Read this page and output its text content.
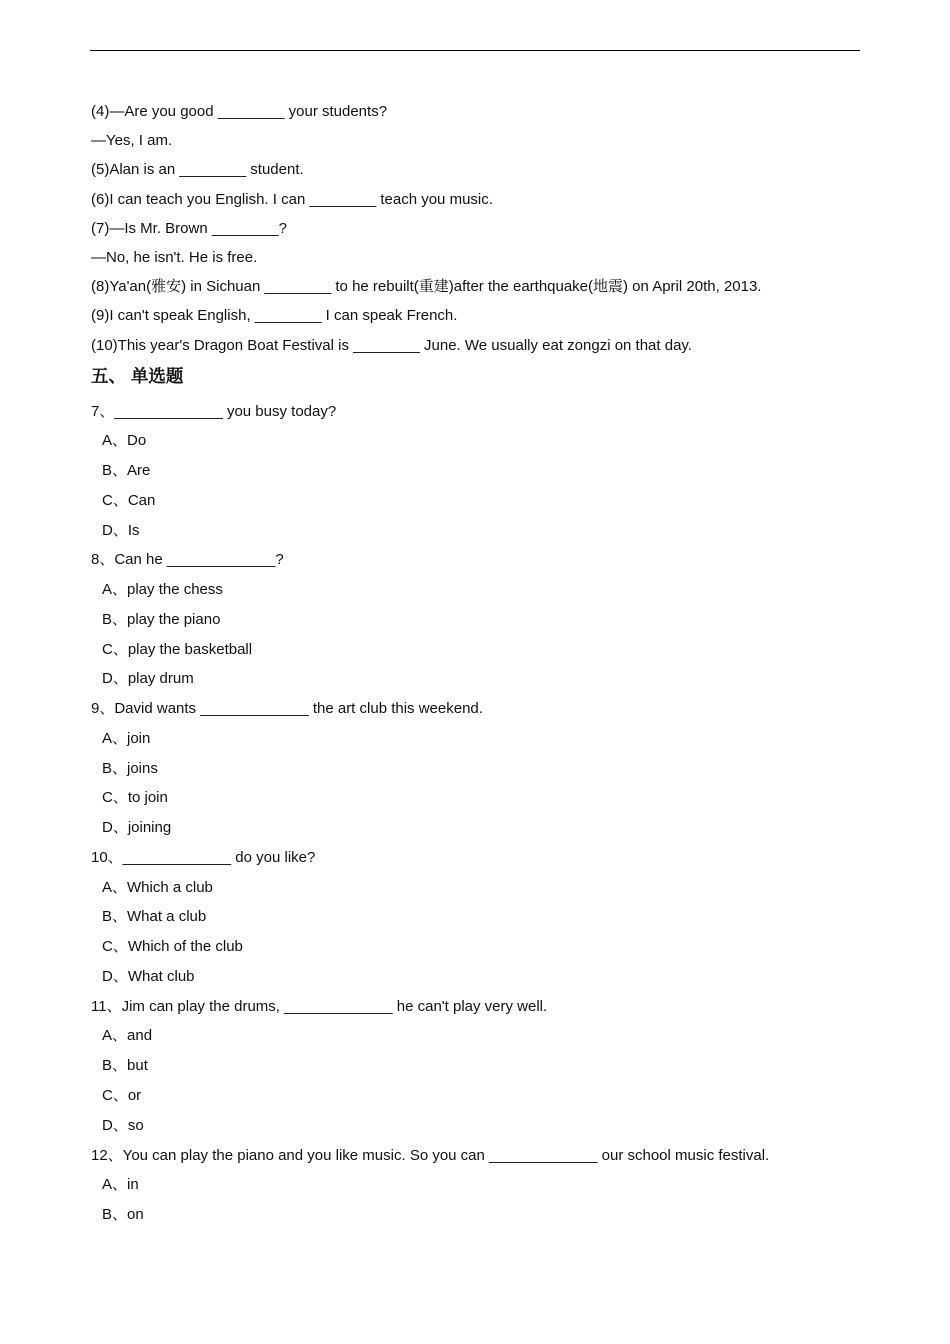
(4)—Are you good ________ your students?
—Yes, I am.
(5)Alan is an ________ student.
(6)I can teach you English. I can ________ teach you music.
(7)—Is Mr. Brown ________?
—No, he isn't. He is free.
(8)Ya'an(雅安) in Sichuan ________ to he rebuilt(重建)after the earthquake(地震) on April 20th, 2013.
(9)I can't speak English, ________ I can speak French.
(10)This year's Dragon Boat Festival is ________ June. We usually eat zongzi on that day.
五、 单选题
7、_____________ you busy today?
A、Do
B、Are
C、Can
D、Is
8、Can he _____________?
A、play the chess
B、play the piano
C、play the basketball
D、play drum
9、David wants _____________ the art club this weekend.
A、join
B、joins
C、to join
D、joining
10、_____________ do you like?
A、Which a club
B、What a club
C、Which of the club
D、What club
11、Jim can play the drums, _____________ he can't play very well.
A、and
B、but
C、or
D、so
12、You can play the piano and you like music. So you can _____________ our school music festival.
A、in
B、on
